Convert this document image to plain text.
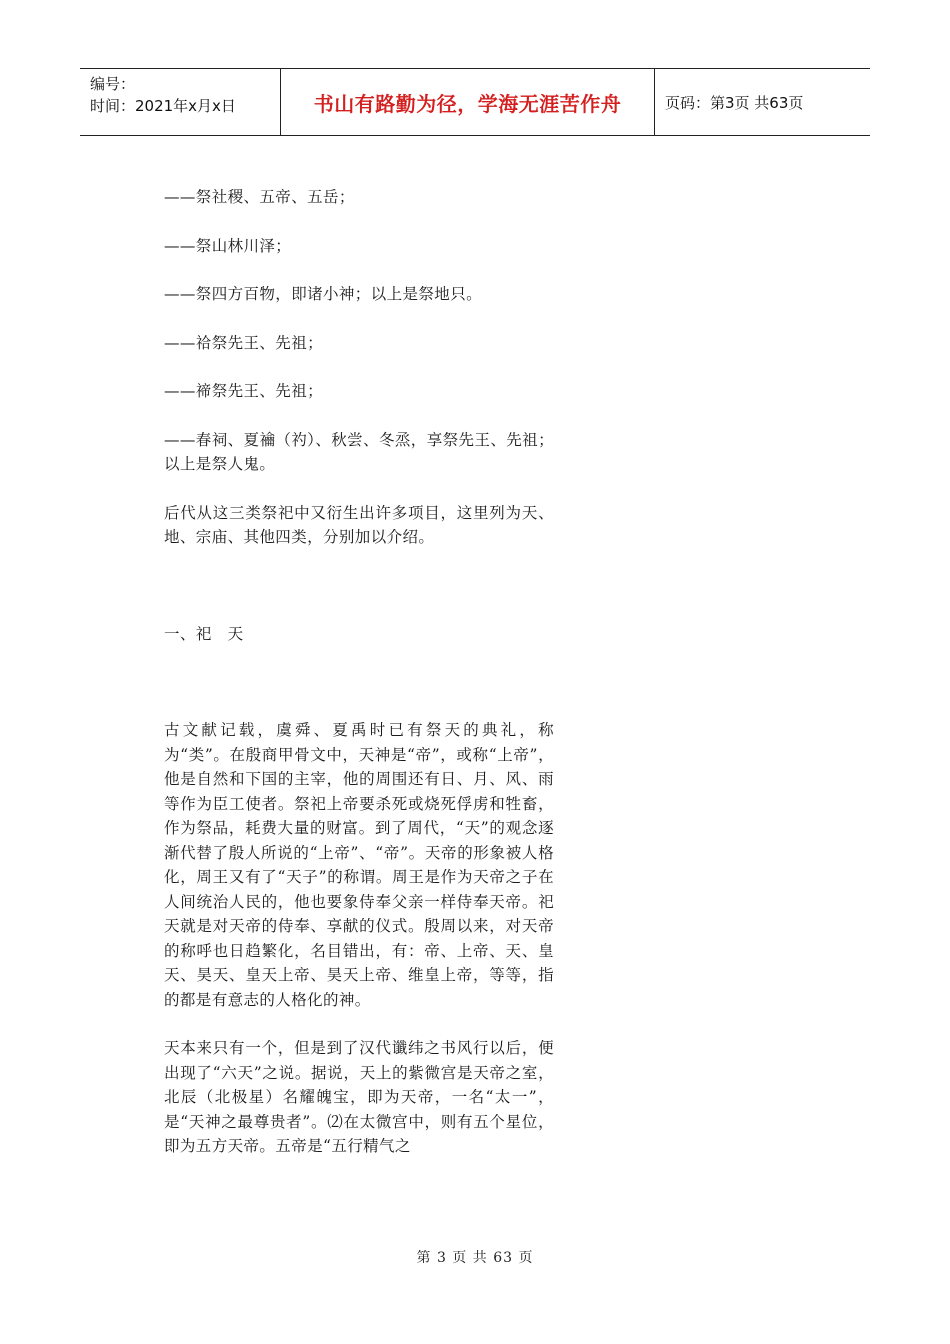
编号：
时间：2021年x月x日	书山有路勤为径，学海无涯苦作舟	页码：第3页 共63页

——祭社稷、五帝、五岳；

——祭山林川泽；

——祭四方百物，即诸小神；以上是祭地只。

——祫祭先王、先祖；

——禘祭先王、先祖；

——春祠、夏禴（礿）、秋尝、冬烝，享祭先王、先祖；以上是祭人鬼。

后代从这三类祭祀中又衍生出许多项目，这里列为天、地、宗庙、其他四类，分别加以介绍。

一、祀　天

古文献记载，虞舜、夏禹时已有祭天的典礼，称为“类”。在殷商甲骨文中，天神是“帝”，或称“上帝”，他是自然和下国的主宰，他的周围还有日、月、风、雨等作为臣工使者。祭祀上帝要杀死或烧死俘虏和牲畜，作为祭品，耗费大量的财富。到了周代，“天”的观念逐渐代替了殷人所说的“上帝”、“帝”。天帝的形象被人格化，周王又有了“天子”的称谓。周王是作为天帝之子在人间统治人民的，他也要象侍奉父亲一样侍奉天帝。祀天就是对天帝的侍奉、享献的仪式。殷周以来，对天帝的称呼也日趋繁化，名目错出，有：帝、上帝、天、皇天、昊天、皇天上帝、昊天上帝、维皇上帝，等等，指的都是有意志的人格化的神。

天本来只有一个，但是到了汉代谶纬之书风行以后，便出现了“六天”之说。据说，天上的紫微宫是天帝之室，北辰（北极星）名耀魄宝，即为天帝，一名“太一”，是“天神之最尊贵者”。⑵在太微宫中，则有五个星位，即为五方天帝。五帝是“五行精气之

第 3 页 共 63 页
